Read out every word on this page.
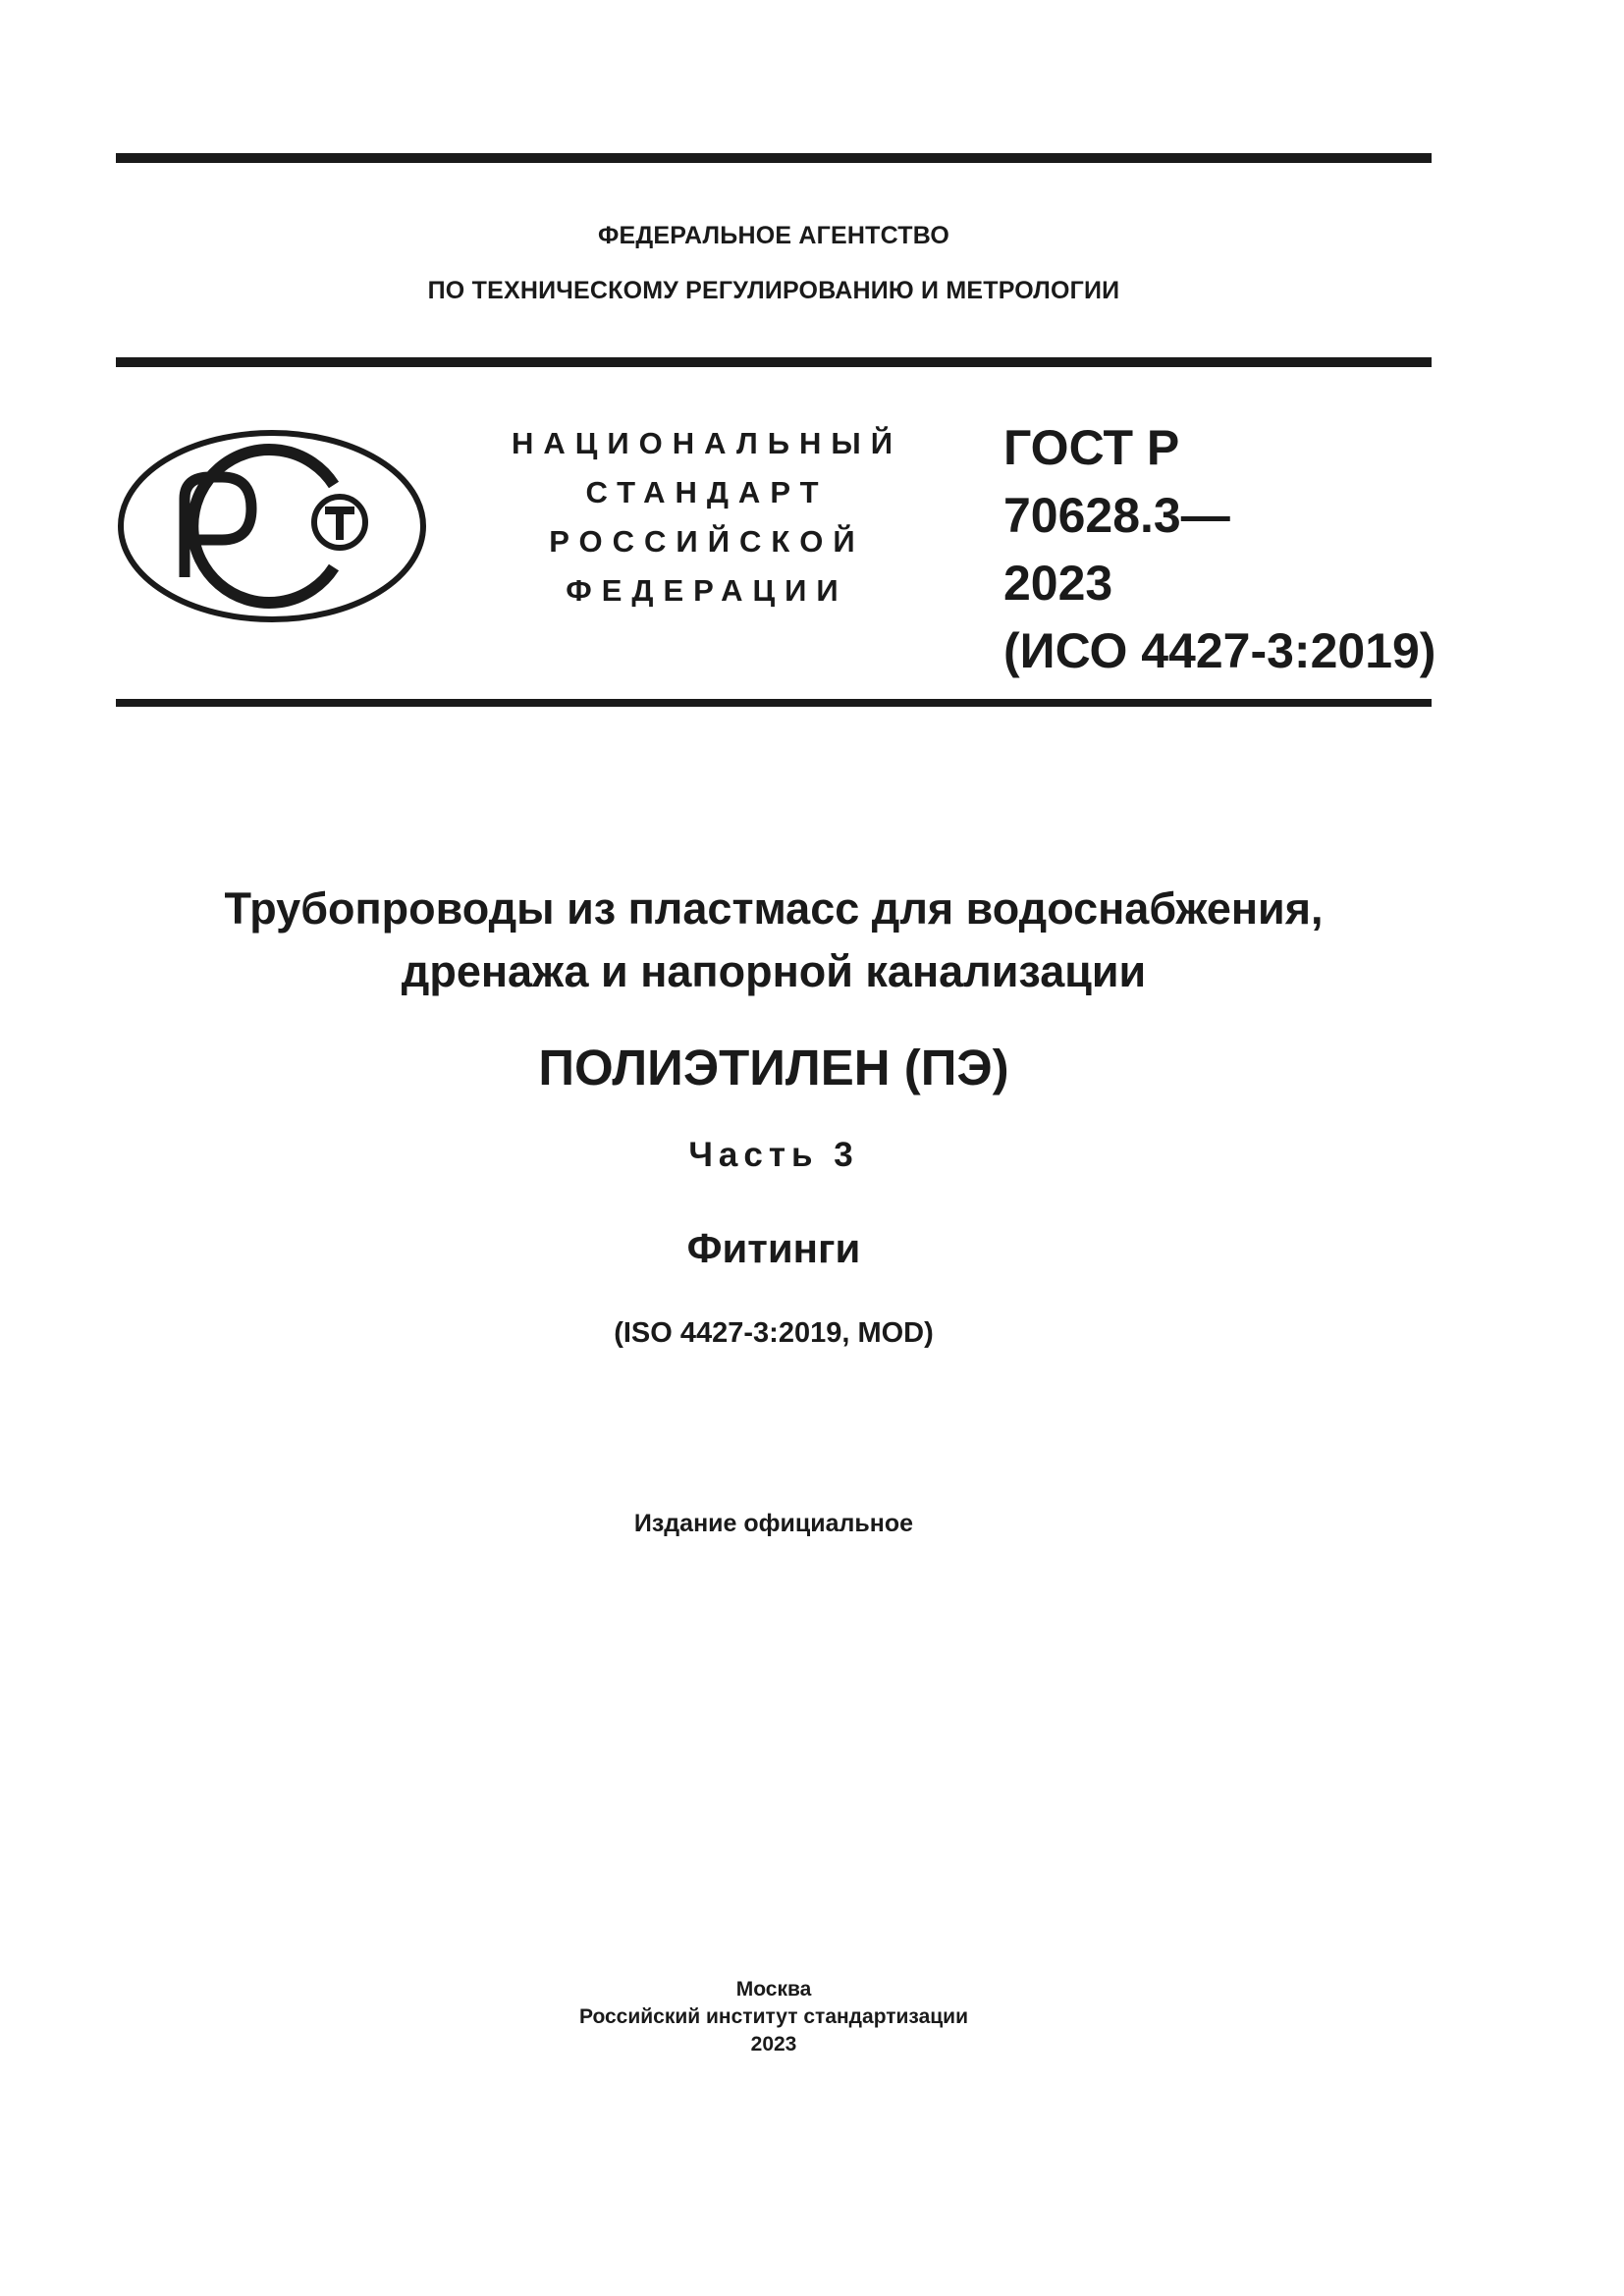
ФЕДЕРАЛЬНОЕ АГЕНТСТВО
ПО ТЕХНИЧЕСКОМУ РЕГУЛИРОВАНИЮ И МЕТРОЛОГИИ
НАЦИОНАЛЬНЫЙ
СТАНДАРТ
РОССИЙСКОЙ
ФЕДЕРАЦИИ
ГОСТ Р
70628.3—
2023
(ИСО 4427-3:2019)
Трубопроводы из пластмасс для водоснабжения,
дренажа и напорной канализации
ПОЛИЭТИЛЕН (ПЭ)
Часть 3
Фитинги
(ISO 4427-3:2019, MOD)
Издание официальное
Москва
Российский институт стандартизации
2023
